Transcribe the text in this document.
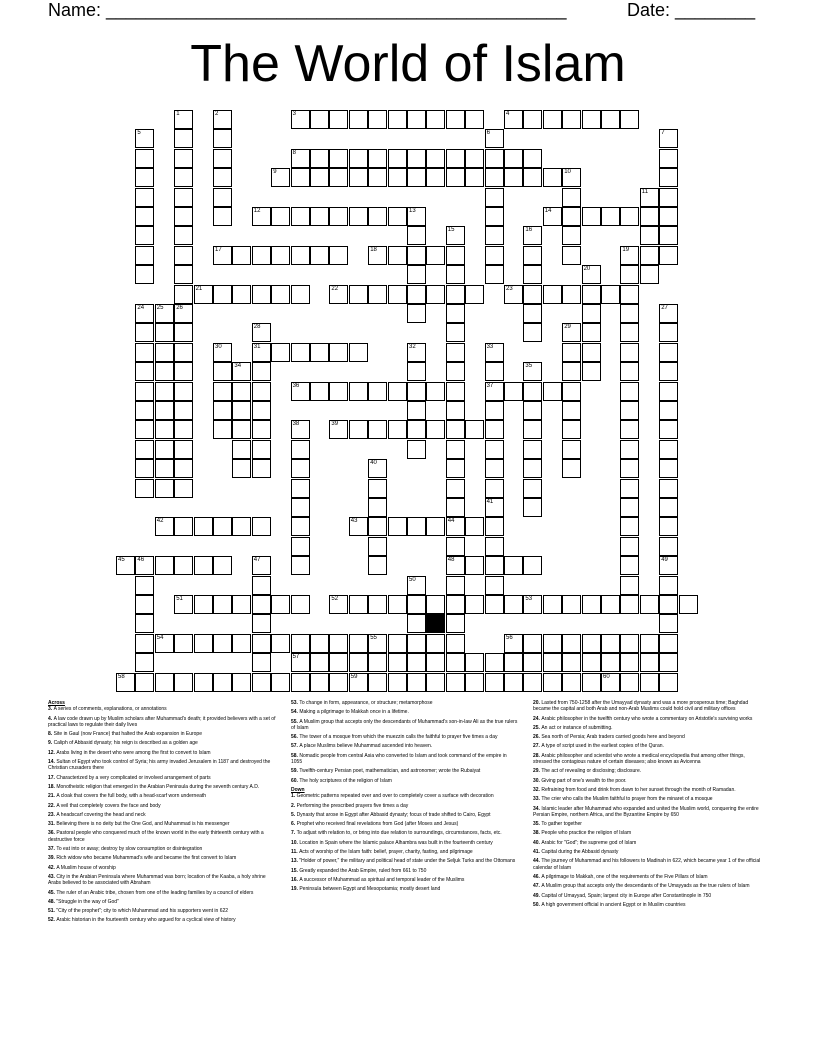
Name: ______________________________________________	Date: ________
The World of Islam
3	4
8
9
12	13	14
17	18
21	22	23
31
36	37
39
42	43	44
45 46	48
51	52	53
54	55	56
57
58	59	60
1	2
5	6	7
10
11
15	16
19
20
24 25 26	27
49
28	29
30	32	33
41
34	35
38
40
47
50
Across
3. A series of comments, explanations, or annotations
4. A law code drawn up by Muslim scholars after Muhammad's death; it provided believers with a set of practical laws to regulate their daily lives
8. Site in Gaul (now France) that halted the Arab expansion in Europe
9. Caliph of Abbasid dynasty; his reign is described as a golden age
12. Arabs living in the desert who were among the first to convert to Islam
14. Sultan of Egypt who took control of Syria; his army invaded Jerusalem in 1187 and destroyed the Christian crusaders there
17. Characterized by a very complicated or involved arrangement of parts
18. Monotheistic religion that emerged in the Arabian Peninsula during the seventh century A.D.
21. A cloak that covers the full body, with a head-scarf worn underneath
22. A veil that completely covers the face and body
23. A headscarf covering the head and neck
31. Believing there is no deity but the One God, and Muhammad is his messenger
36. Pastoral people who conquered much of the known world in the early thirteenth century with a destructive force
37. To eat into or away; destroy by slow consumption or disintegration
39. Rich widow who became Muhammad's wife and became the first convert to Islam
42. A Muslim house of worship
43. City in the Arabian Peninsula where Muhammad was born; location of the Kaaba, a holy shrine Arabs believed to be associated with Abraham
45. The ruler of an Arabic tribe, chosen from one of the leading families by a council of elders
48. "Struggle in the way of God"
51. "City of the prophet"; city to which Muhammad and his supporters went in 622
52. Arabic historian in the fourteenth century who argued for a cyclical view of history
53. To change in form, appearance, or structure; metamorphose
54. Making a pilgrimage to Makkah once in a lifetime.
55. A Muslim group that accepts only the descendants of Muhammad's son-in-law Ali as the true rulers of Islam
56. The tower of a mosque from which the muezzin calls the faithful to prayer five times a day
57. A place Muslims believe Muhammad ascended into heaven.
58. Nomadic people from central Asia who converted to Islam and took command of the empire in 1055
59. Twelfth-century Persian poet, mathematician, and astronomer; wrote the Rubaiyat
60. The holy scriptures of the religion of Islam
Down
1. Geometric patterns repeated over and over to completely cover a surface with decoration
2. Performing the prescribed prayers five times a day
5. Dynasty that arose in Egypt after Abbasid dynasty; focus of trade shifted to Cairo, Egypt
6. Prophet who received final revelations from God (after Moses and Jesus)
7. To adjust with relation to, or bring into due relation to surroundings, circumstances, facts, etc.
10. Location in Spain where the Islamic palace Alhambra was built in the fourteenth century
11. Acts of worship of the Islam faith: belief, prayer, charity, fasting, and pilgrimage
13. "Holder of power," the military and political head of state under the Seljuk Turks and the Ottomans
15. Greatly expanded the Arab Empire, ruled from 661 to 750
16. A successor of Muhammad as spiritual and temporal leader of the Muslims
19. Peninsula between Egypt and Mesopotamia; mostly desert land
20. Lasted from 750-1258 after the Umayyad dynasty and was a more prosperous time; Baghdad became the capital and both Arab and non-Arab Muslims could hold civil and military offices
24. Arabic philosopher in the twelfth century who wrote a commentary on Aristotle's surviving works
25. An act or instance of submitting.
26. Sea north of Persia; Arab traders carried goods here and beyond
27. A type of script used in the earliest copies of the Quran.
28. Arabic philosopher and scientist who wrote a medical encyclopedia that among other things, stressed the contagious nature of certain diseases; also known as Avicenna
29. The act of revealing or disclosing; disclosure.
30. Giving part of one's wealth to the poor.
32. Refraining from food and drink from dawn to her sunset through the month of Ramadan.
33. The crier who calls the Muslim faithful to prayer from the minaret of a mosque
34. Islamic leader after Muhammad who expanded and united the Muslim world, conquering the entire Persian Empire, northern Africa, and the Byzantine Empire by 650
35. To gather together
38. People who practice the religion of Islam
40. Arabic for "God"; the supreme god of Islam
41. Capital during the Abbasid dynasty
44. The journey of Muhammad and his followers to Madinah in 622, which became year 1 of the official calendar of Islam
46. A pilgrimage to Makkah, one of the requirements of the Five Pillars of Islam
47. A Muslim group that accepts only the descendants of the Umayyads as the true rulers of Islam
49. Capital of Umayyad, Spain; largest city in Europe after Constantinople in 750
50. A high government official in ancient Egypt or in Muslim countries
